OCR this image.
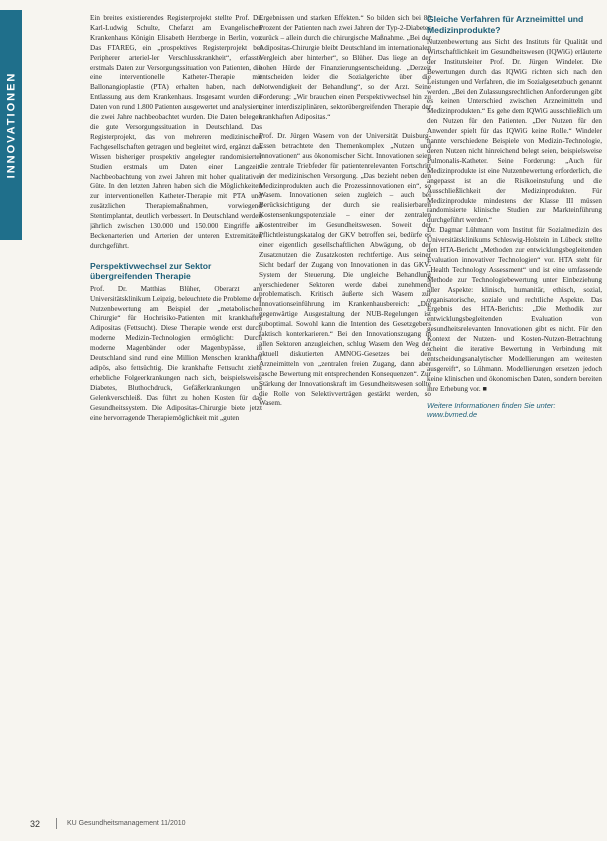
INNOVATIONEN

Ein breites existierendes Registerprojekt stellte Prof. Dr. Karl-Ludwig Schulte, Chefarzt am Evangelischen Krankenhaus Königin Elisabeth Herzberge in Berlin, vor. Das FTAREG, ein „prospektives Registerprojekt bei Peripherer arteriel-ler Verschlusskrankheit“, erfasste erstmals Daten zur Versorgungssituation von Patienten, die eine interventionelle Katheter-Therapie mit Ballonangioplastie (PTA) erhalten haben, nach der Entlassung aus dem Krankenhaus. Insgesamt wurden die Daten von rund 1.800 Patienten ausgewertet und analysiert, die zwei Jahre nachbeobachtet wurden. Die Daten belegen die gute Versorgungssituation in Deutschland. Das Registerprojekt, das von mehreren medizinischen Fachgesellschaften getragen und begleitet wird, ergänzt das Wissen bisheriger prospektiv angelegter randomisierter Studien erstmals um Daten einer Langzeit-Nachbeobachtung von zwei Jahren mit hoher qualitativer Güte. In den letzten Jahren haben sich die Möglichkeiten zur interventionellen Katheter-Therapie mit PTA und zusätzlichen Therapiemaßnahmen, vorwiegend Stentimplantat, deutlich verbessert. In Deutschland werden jährlich zwischen 130.000 und 150.000 Eingriffe an Beckenarterien und Arterien der unteren Extremitäten durchgeführt.

Perspektivwechsel zur Sektor übergreifenden Therapie

Prof. Dr. Matthias Blüher, Oberarzt am Universitätsklinikum Leipzig, beleuchtete die Probleme der Nutzenbewertung am Beispiel der „metabolischen Chirurgie“ für Hochrisiko-Patienten mit krankhafter Adipositas (Fettsucht). Diese Therapie wende erst durch moderne Medizin-Technologien ermöglicht: Durch moderne Magenbänder oder Magenbypässe, in Deutschland sind rund eine Million Menschen krankhaft adipös, also fettsüchtig. Die krankhafte Fettsucht zieht erhebliche Folgeerkrankungen nach sich, beispielsweise Diabetes, Bluthochdruck, Gefäßerkrankungen und Gelenkverschleiß. Das führt zu hohen Kosten für das Gesundheitssystem. Die Adipositas-Chirurgie biete jetzt eine hervorragende Therapiemöglichkeit mit „guten

Ergebnissen und starken Effekten.“ So bilden sich bei 80 Prozent der Patienten nach zwei Jahren der Typ-2-Diabetes zurück – allein durch die chirurgische Maßnahme. „Bei der Adipositas-Chirurgie bleibt Deutschland im internationalen Vergleich aber hinterher“, so Blüher. Das liege an der hohen Hürde der Finanzierungsentscheidung. „Derzeit entscheiden leider die Sozialgerichte über die Notwendigkeit der Behandlung“, so der Arzt. Seine Forderung: „Wir brauchen einen Perspektivwechsel hin zu einer interdisziplinären, sektorübergreifenden Therapie der krankhaften Adipositas.“

Prof. Dr. Jürgen Wasem von der Universität Duisburg-Essen betrachtete den Themenkomplex „Nutzen und Innovationen“ aus ökonomischer Sicht. Innovationen seien die zentrale Triebfeder für patientenrelevanten Fortschritt in der medizinischen Versorgung. „Das bezieht neben den Medizinprodukten auch die Prozessinnovationen ein“, so Wasem. Innovationen seien zugleich – auch bei Berücksichtigung der durch sie realisierbaren Kostensenkungspotenziale – einer der zentralen Kostentreiber im Gesundheitswesen. Soweit der Pflichtleistungskatalog der GKV betroffen sei, bedürfe es einer eigentlich gesellschaftlichen Abwägung, ob der Zusatznutzen die Zusatzkosten rechtfertige. Aus seiner Sicht bedarf der Zugang von Innovationen in das GKV-System der Steuerung. Die ungleiche Behandlung verschiedener Sektoren werde dabei zunehmend problematisch. Kritisch äußerte sich Wasem zur Innovationseinführung im Krankenhausbereich: „Die gegenwärtige Ausgestaltung der NUB-Regelungen ist suboptimal. Sowohl kann die Intention des Gesetzgebers faktisch konterkarieren.“ Bei den Innovationszugang in allen Sektoren anzugleichen, schlug Wasem den Weg der aktuell diskutierten AMNOG-Gesetzes bei den Arzneimitteln von „zentralen freien Zugang, dann aber rasche Bewertung mit entsprechenden Konsequenzen“. Zur Stärkung der Innovationskraft im Gesundheitswesen sollte die Rolle von Selektivverträgen gestärkt werden, so Wasem.

Gleiche Verfahren für Arzneimittel und Medizinprodukte?

Nutzenbewertung aus Sicht des Instituts für Qualität und Wirtschaftlichkeit im Gesundheitswesen (IQWiG) erläuterte der Institutsleiter Prof. Dr. Jürgen Windeler. Die Bewertungen durch das IQWiG richten sich nach den Leistungen und Verfahren, die im Sozialgesetzbuch genannt werden. „Bei den Zulassungsrechtlichen Anforderungen gibt es keinen Unterschied zwischen Arzneimitteln und Medizinprodukten.“ Es gehe dem IQWiG ausschließlich um den Nutzen für den Patienten. „Der Nutzen für den Anwender spielt für das IQWiG keine Rolle.“ Windeler nannte verschiedene Beispiele von Medizin-Technologie, deren Nutzen nicht hinreichend belegt seien, beispielsweise Pulmonalis-Katheter. Seine Forderung: „Auch für Medizinprodukte ist eine Nutzenbewertung erforderlich, die angepasst ist an die Risikoeinstufung und die Ausschließlichkeit der Medizinprodukten. Für Medizinprodukte mindestens der Klasse III müssen randomisierte klinische Studien zur Markteinführung durchgeführt werden.“

Dr. Dagmar Lühmann vom Institut für Sozialmedizin des Universitätsklinikums Schleswig-Holstein in Lübeck stellte den HTA-Bericht „Methoden zur entwicklungsbegleitenden Evaluation innovativer Technologien“ vor. HTA steht für „Health Technology Assessment“ und ist eine umfassende Methode zur Technologiebewertung unter Einbeziehung aller Aspekte: klinisch, humanitär, ethisch, sozial, organisatorische, soziale und rechtliche Aspekte. Das Ergebnis des HTA-Berichts: „Die Methodik zur entwicklungsbegleitenden Evaluation von gesundheitsrelevanten Innovationen gibt es nicht. Für den Kontext der Nutzen- und Kosten-Nutzen-Betrachtung scheint die iterative Bewertung in Verbindung mit entscheidungsanalytischer Modellierungen am weitesten ausgereift“, so Lühmann. Modellierungen ersetzen jedoch keine klinischen und ökonomischen Daten, sondern bereiten ihre Erhebung vor. ■

Weitere Informationen finden Sie unter: www.bvmed.de
32	KU Gesundheitsmanagement 11/2010
